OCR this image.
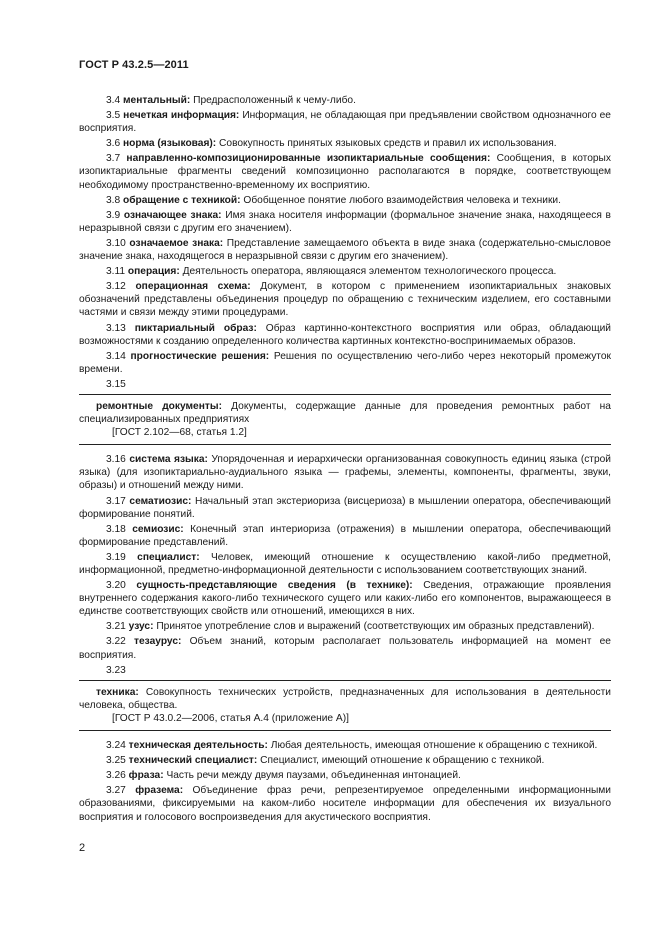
ГОСТ Р 43.2.5—2011

3.4 ментальный: Предрасположенный к чему-либо.

3.5 нечеткая информация: Информация, не обладающая при предъявлении свойством однозначного ее восприятия.

3.6 норма (языковая): Совокупность принятых языковых средств и правил их использования.

3.7 направленно-композиционированные изопиктариальные сообщения: Сообщения, в которых изопиктариальные фрагменты сведений композиционно располагаются в порядке, соответствующем необходимому пространственно-временному их восприятию.

3.8 обращение с техникой: Обобщенное понятие любого взаимодействия человека и техники.

3.9 означающее знака: Имя знака носителя информации (формальное значение знака, находящееся в неразрывной связи с другим его значением).

3.10 означаемое знака: Представление замещаемого объекта в виде знака (содержательно-смысловое значение знака, находящегося в неразрывной связи с другим его значением).

3.11 операция: Деятельность оператора, являющаяся элементом технологического процесса.

3.12 операционная схема: Документ, в котором с применением изопиктариальных знаковых обозначений представлены объединения процедур по обращению с техническим изделием, его составными частями и связи между этими процедурами.

3.13 пиктариальный образ: Образ картинно-контекстного восприятия или образ, обладающий возможностями к созданию определенного количества картинных контекстно-воспринимаемых образов.

3.14 прогностические решения: Решения по осуществлению чего-либо через некоторый промежуток времени.

3.15

ремонтные документы: Документы, содержащие данные для проведения ремонтных работ на специализированных предприятиях

[ГОСТ 2.102—68, статья 1.2]

3.16 система языка: Упорядоченная и иерархически организованная совокупность единиц языка (строй языка) (для изопиктариально-аудиального языка — графемы, элементы, компоненты, фрагменты, звуки, образы) и отношений между ними.

3.17 сематиозис: Начальный этап экстериориза (висцериоза) в мышлении оператора, обеспечивающий формирование понятий.

3.18 семиозис: Конечный этап интериориза (отражения) в мышлении оператора, обеспечивающий формирование представлений.

3.19 специалист: Человек, имеющий отношение к осуществлению какой-либо предметной, информационной, предметно-информационной деятельности с использованием соответствующих знаний.

3.20 сущность-представляющие сведения (в технике): Сведения, отражающие проявления внутреннего содержания какого-либо технического сущего или каких-либо его компонентов, выражающееся в единстве соответствующих свойств или отношений, имеющихся в них.

3.21 узус: Принятое употребление слов и выражений (соответствующих им образных представлений).

3.22 тезаурус: Объем знаний, которым располагает пользователь информацией на момент ее восприятия.

3.23

техника: Совокупность технических устройств, предназначенных для использования в деятельности человека, общества.

[ГОСТ Р 43.0.2—2006, статья А.4 (приложение А)]

3.24 техническая деятельность: Любая деятельность, имеющая отношение к обращению с техникой.

3.25 технический специалист: Специалист, имеющий отношение к обращению с техникой.

3.26 фраза: Часть речи между двумя паузами, объединенная интонацией.

3.27 фразема: Объединение фраз речи, репрезентируемое определенными информационными образованиями, фиксируемыми на каком-либо носителе информации для обеспечения их визуального восприятия и голосового воспроизведения для акустического восприятия.

2
